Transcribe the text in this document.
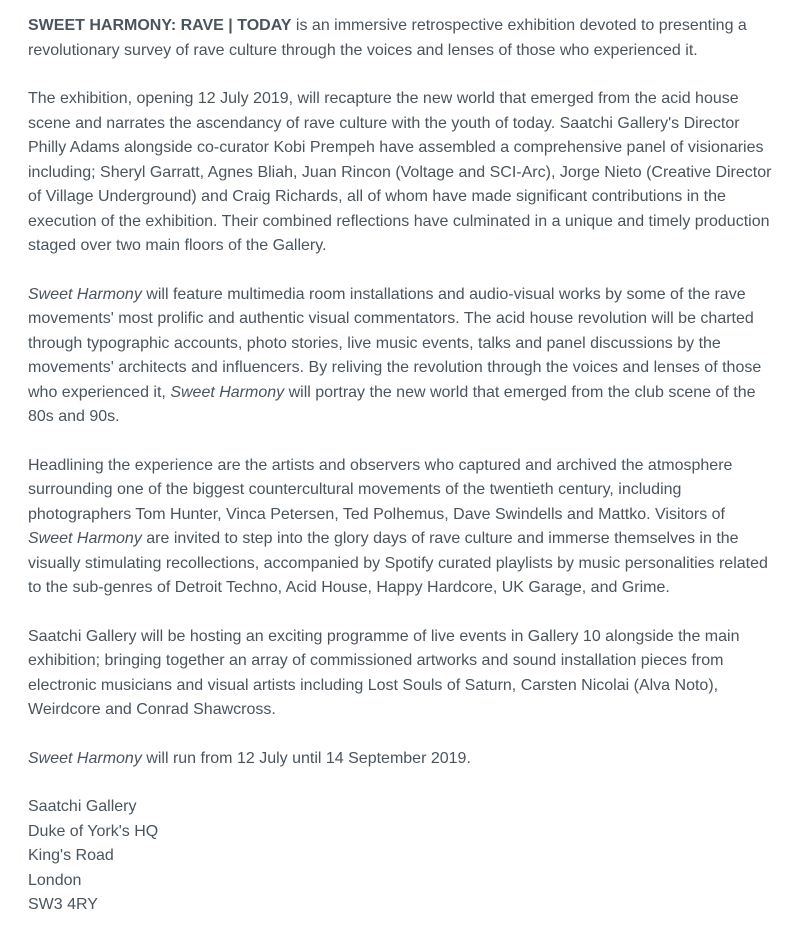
SWEET HARMONY: RAVE | TODAY is an immersive retrospective exhibition devoted to presenting a revolutionary survey of rave culture through the voices and lenses of those who experienced it.

The exhibition, opening 12 July 2019, will recapture the new world that emerged from the acid house scene and narrates the ascendancy of rave culture with the youth of today. Saatchi Gallery's Director Philly Adams alongside co-curator Kobi Prempeh have assembled a comprehensive panel of visionaries including; Sheryl Garratt, Agnes Bliah, Juan Rincon (Voltage and SCI-Arc), Jorge Nieto (Creative Director of Village Underground) and Craig Richards, all of whom have made significant contributions in the execution of the exhibition. Their combined reflections have culminated in a unique and timely production staged over two main floors of the Gallery.

Sweet Harmony will feature multimedia room installations and audio-visual works by some of the rave movements' most prolific and authentic visual commentators. The acid house revolution will be charted through typographic accounts, photo stories, live music events, talks and panel discussions by the movements' architects and influencers. By reliving the revolution through the voices and lenses of those who experienced it, Sweet Harmony will portray the new world that emerged from the club scene of the 80s and 90s.

Headlining the experience are the artists and observers who captured and archived the atmosphere surrounding one of the biggest countercultural movements of the twentieth century, including photographers Tom Hunter, Vinca Petersen, Ted Polhemus, Dave Swindells and Mattko. Visitors of Sweet Harmony are invited to step into the glory days of rave culture and immerse themselves in the visually stimulating recollections, accompanied by Spotify curated playlists by music personalities related to the sub-genres of Detroit Techno, Acid House, Happy Hardcore, UK Garage, and Grime.

Saatchi Gallery will be hosting an exciting programme of live events in Gallery 10 alongside the main exhibition; bringing together an array of commissioned artworks and sound installation pieces from electronic musicians and visual artists including Lost Souls of Saturn, Carsten Nicolai (Alva Noto), Weirdcore and Conrad Shawcross.

Sweet Harmony will run from 12 July until 14 September 2019.

Saatchi Gallery
Duke of York's HQ
King's Road
London
SW3 4RY
